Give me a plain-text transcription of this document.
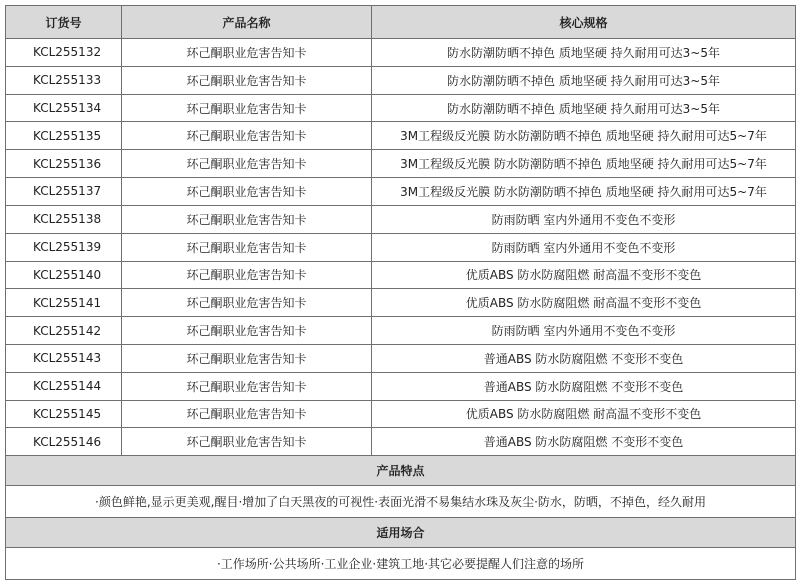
订货号	产品名称	核心规格
KCL255132	环己酮职业危害告知卡	防水防潮防晒不掉色 质地坚硬 持久耐用可达3~5年
KCL255133	环己酮职业危害告知卡	防水防潮防晒不掉色 质地坚硬 持久耐用可达3~5年
KCL255134	环己酮职业危害告知卡	防水防潮防晒不掉色 质地坚硬 持久耐用可达3~5年
KCL255135	环己酮职业危害告知卡	3M工程级反光膜 防水防潮防晒不掉色 质地坚硬 持久耐用可达5~7年
KCL255136	环己酮职业危害告知卡	3M工程级反光膜 防水防潮防晒不掉色 质地坚硬 持久耐用可达5~7年
KCL255137	环己酮职业危害告知卡	3M工程级反光膜 防水防潮防晒不掉色 质地坚硬 持久耐用可达5~7年
KCL255138	环己酮职业危害告知卡	防雨防晒 室内外通用不变色不变形
KCL255139	环己酮职业危害告知卡	防雨防晒 室内外通用不变色不变形
KCL255140	环己酮职业危害告知卡	优质ABS 防水防腐阻燃 耐高温不变形不变色
KCL255141	环己酮职业危害告知卡	优质ABS 防水防腐阻燃 耐高温不变形不变色
KCL255142	环己酮职业危害告知卡	防雨防晒 室内外通用不变色不变形
KCL255143	环己酮职业危害告知卡	普通ABS 防水防腐阻燃 不变形不变色
KCL255144	环己酮职业危害告知卡	普通ABS 防水防腐阻燃 不变形不变色
KCL255145	环己酮职业危害告知卡	优质ABS 防水防腐阻燃 耐高温不变形不变色
KCL255146	环己酮职业危害告知卡	普通ABS 防水防腐阻燃 不变形不变色
产品特点		
·颜色鲜艳,显示更美观,醒目·增加了白天黑夜的可视性·表面光滑不易集结水珠及灰尘·防水，防晒，不掉色，经久耐用		
适用场合		
·工作场所·公共场所·工业企业·建筑工地·其它必要提醒人们注意的场所		
